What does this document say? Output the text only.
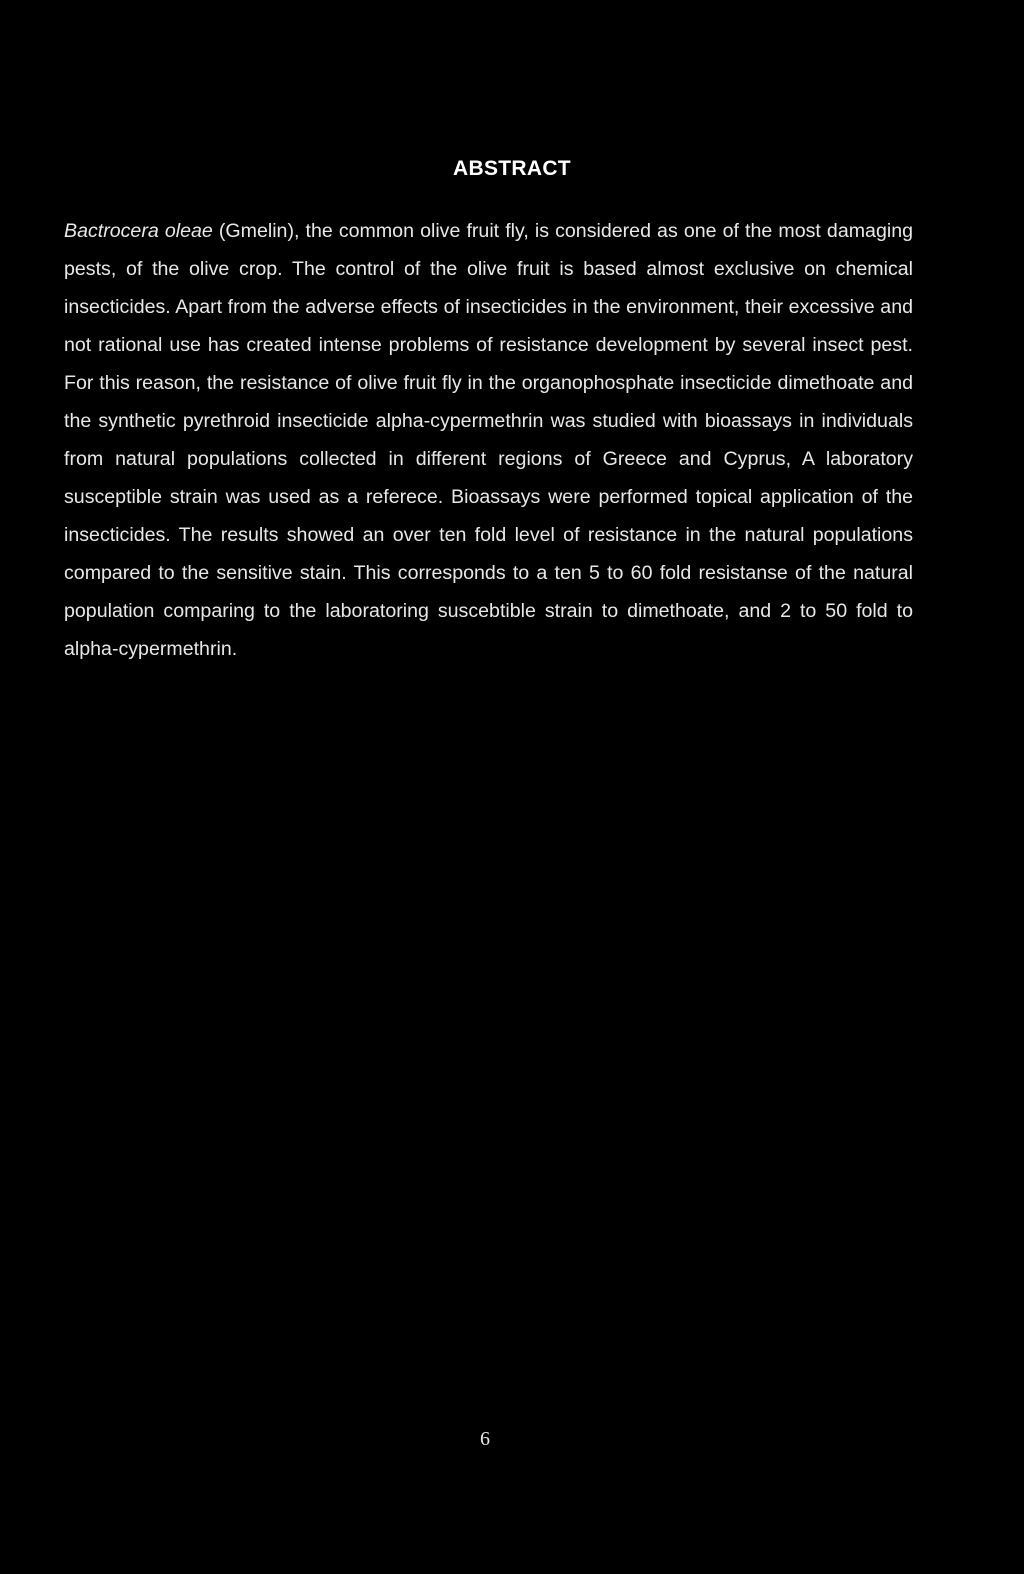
ABSTRACT

Bactrocera oleae (Gmelin), the common olive fruit fly, is considered as one of the most damaging pests, of the olive crop. The control of the olive fruit is based almost exclusive on chemical insecticides. Apart from the adverse effects of insecticides in the environment, their excessive and not rational use has created intense problems of resistance development by several insect pest. For this reason, the resistance of olive fruit fly in the organophosphate insecticide dimethoate and the synthetic pyrethroid insecticide alpha-cypermethrin was studied with bioassays in individuals from natural populations collected in different regions of Greece and Cyprus, A laboratory susceptible strain was used as a referece. Bioassays were performed topical application of the insecticides. The results showed an over ten fold level of resistance in the natural populations compared to the sensitive stain. This corresponds to a ten 5 to 60 fold resistanse of the natural population comparing to the laboratoring suscebtible strain to dimethoate, and 2 to 50 fold to alpha-cypermethrin.

6
